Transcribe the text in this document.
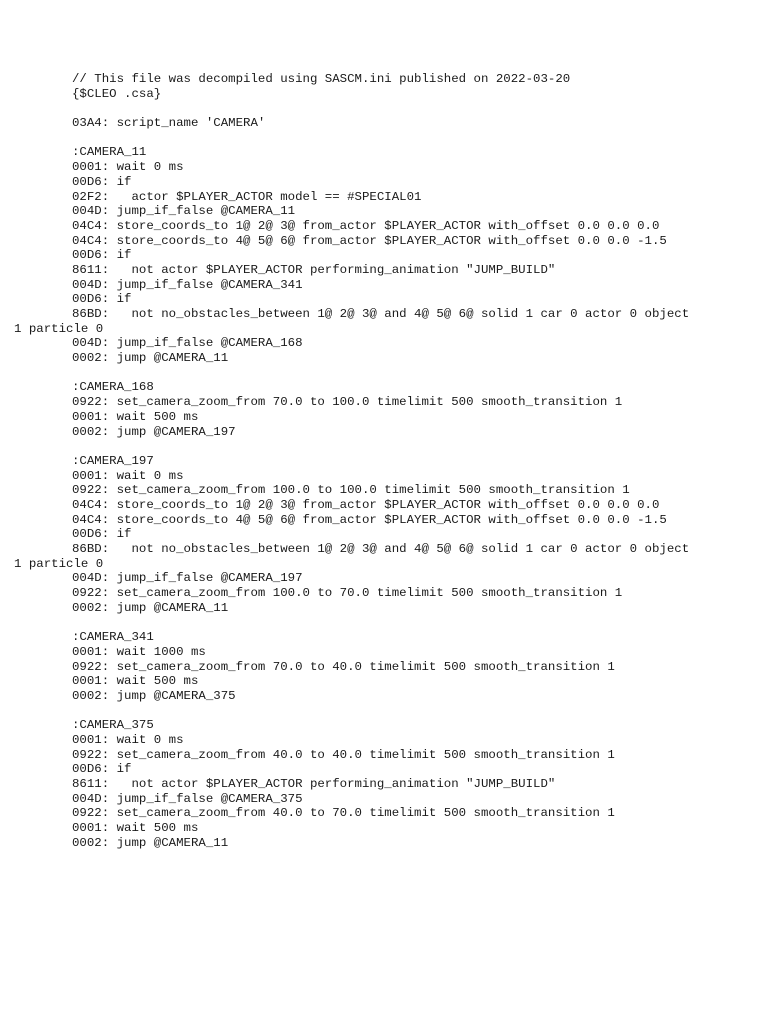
// This file was decompiled using SASCM.ini published on 2022-03-20
{$CLEO .csa}
03A4: script_name 'CAMERA'
:CAMERA_11
0001: wait 0 ms
00D6: if
02F2:   actor $PLAYER_ACTOR model == #SPECIAL01
004D: jump_if_false @CAMERA_11
04C4: store_coords_to 1@ 2@ 3@ from_actor $PLAYER_ACTOR with_offset 0.0 0.0 0.0
04C4: store_coords_to 4@ 5@ 6@ from_actor $PLAYER_ACTOR with_offset 0.0 0.0 -1.5
00D6: if
8611:   not actor $PLAYER_ACTOR performing_animation "JUMP_BUILD"
004D: jump_if_false @CAMERA_341
00D6: if
86BD:   not no_obstacles_between 1@ 2@ 3@ and 4@ 5@ 6@ solid 1 car 0 actor 0 object
1 particle 0
004D: jump_if_false @CAMERA_168
0002: jump @CAMERA_11
:CAMERA_168
0922: set_camera_zoom_from 70.0 to 100.0 timelimit 500 smooth_transition 1
0001: wait 500 ms
0002: jump @CAMERA_197
:CAMERA_197
0001: wait 0 ms
0922: set_camera_zoom_from 100.0 to 100.0 timelimit 500 smooth_transition 1
04C4: store_coords_to 1@ 2@ 3@ from_actor $PLAYER_ACTOR with_offset 0.0 0.0 0.0
04C4: store_coords_to 4@ 5@ 6@ from_actor $PLAYER_ACTOR with_offset 0.0 0.0 -1.5
00D6: if
86BD:   not no_obstacles_between 1@ 2@ 3@ and 4@ 5@ 6@ solid 1 car 0 actor 0 object
1 particle 0
004D: jump_if_false @CAMERA_197
0922: set_camera_zoom_from 100.0 to 70.0 timelimit 500 smooth_transition 1
0002: jump @CAMERA_11
:CAMERA_341
0001: wait 1000 ms
0922: set_camera_zoom_from 70.0 to 40.0 timelimit 500 smooth_transition 1
0001: wait 500 ms
0002: jump @CAMERA_375
:CAMERA_375
0001: wait 0 ms
0922: set_camera_zoom_from 40.0 to 40.0 timelimit 500 smooth_transition 1
00D6: if
8611:   not actor $PLAYER_ACTOR performing_animation "JUMP_BUILD"
004D: jump_if_false @CAMERA_375
0922: set_camera_zoom_from 40.0 to 70.0 timelimit 500 smooth_transition 1
0001: wait 500 ms
0002: jump @CAMERA_11
